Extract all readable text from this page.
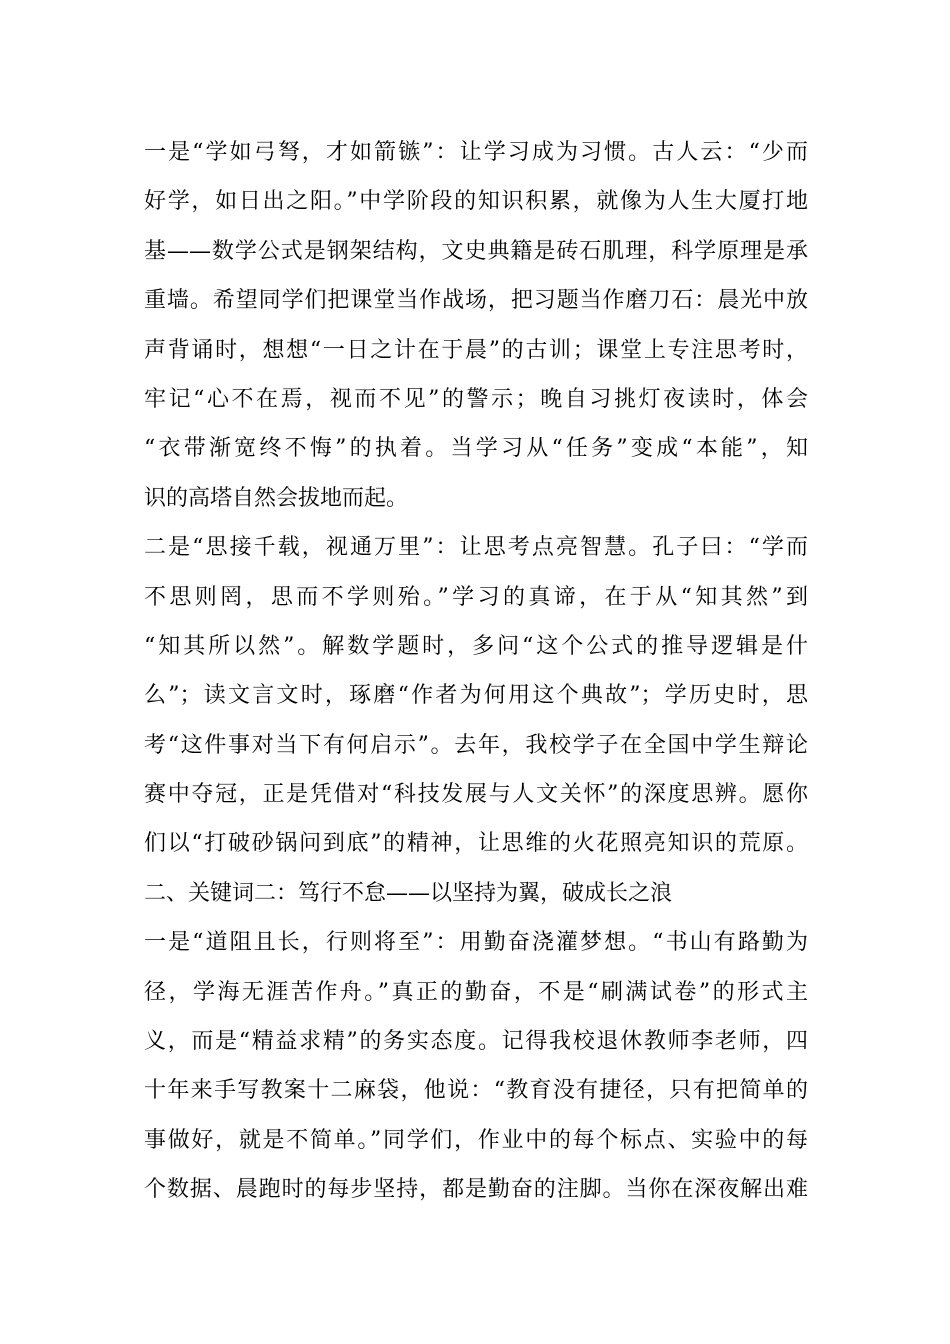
一是“学如弓弩，才如箭镞”：让学习成为习惯。古人云：“少而
好学，如日出之阳。”中学阶段的知识积累，就像为人生大厦打地
基——数学公式是钢架结构，文史典籍是砖石肌理，科学原理是承
重墙。希望同学们把课堂当作战场，把习题当作磨刀石：晨光中放
声背诵时，想想“一日之计在于晨”的古训；课堂上专注思考时，
牢记“心不在焉，视而不见”的警示；晚自习挑灯夜读时，体会
“衣带渐宽终不悔”的执着。当学习从“任务”变成“本能”，知
识的高塔自然会拔地而起。
二是“思接千载，视通万里”：让思考点亮智慧。孔子曰：“学而
不思则罔，思而不学则殆。”学习的真谛，在于从“知其然”到
“知其所以然”。解数学题时，多问“这个公式的推导逻辑是什
么”；读文言文时，琢磨“作者为何用这个典故”；学历史时，思
考“这件事对当下有何启示”。去年，我校学子在全国中学生辩论
赛中夺冠，正是凭借对“科技发展与人文关怀”的深度思辨。愿你
们以“打破砂锅问到底”的精神，让思维的火花照亮知识的荒原。
二、关键词二：笃行不怠——以坚持为翼，破成长之浪
一是“道阻且长，行则将至”：用勤奋浇灌梦想。“书山有路勤为
径，学海无涯苦作舟。”真正的勤奋，不是“刷满试卷”的形式主
义，而是“精益求精”的务实态度。记得我校退休教师李老师，四
十年来手写教案十二麻袋，他说：“教育没有捷径，只有把简单的
事做好，就是不简单。”同学们，作业中的每个标点、实验中的每
个数据、晨跑时的每步坚持，都是勤奋的注脚。当你在深夜解出难
